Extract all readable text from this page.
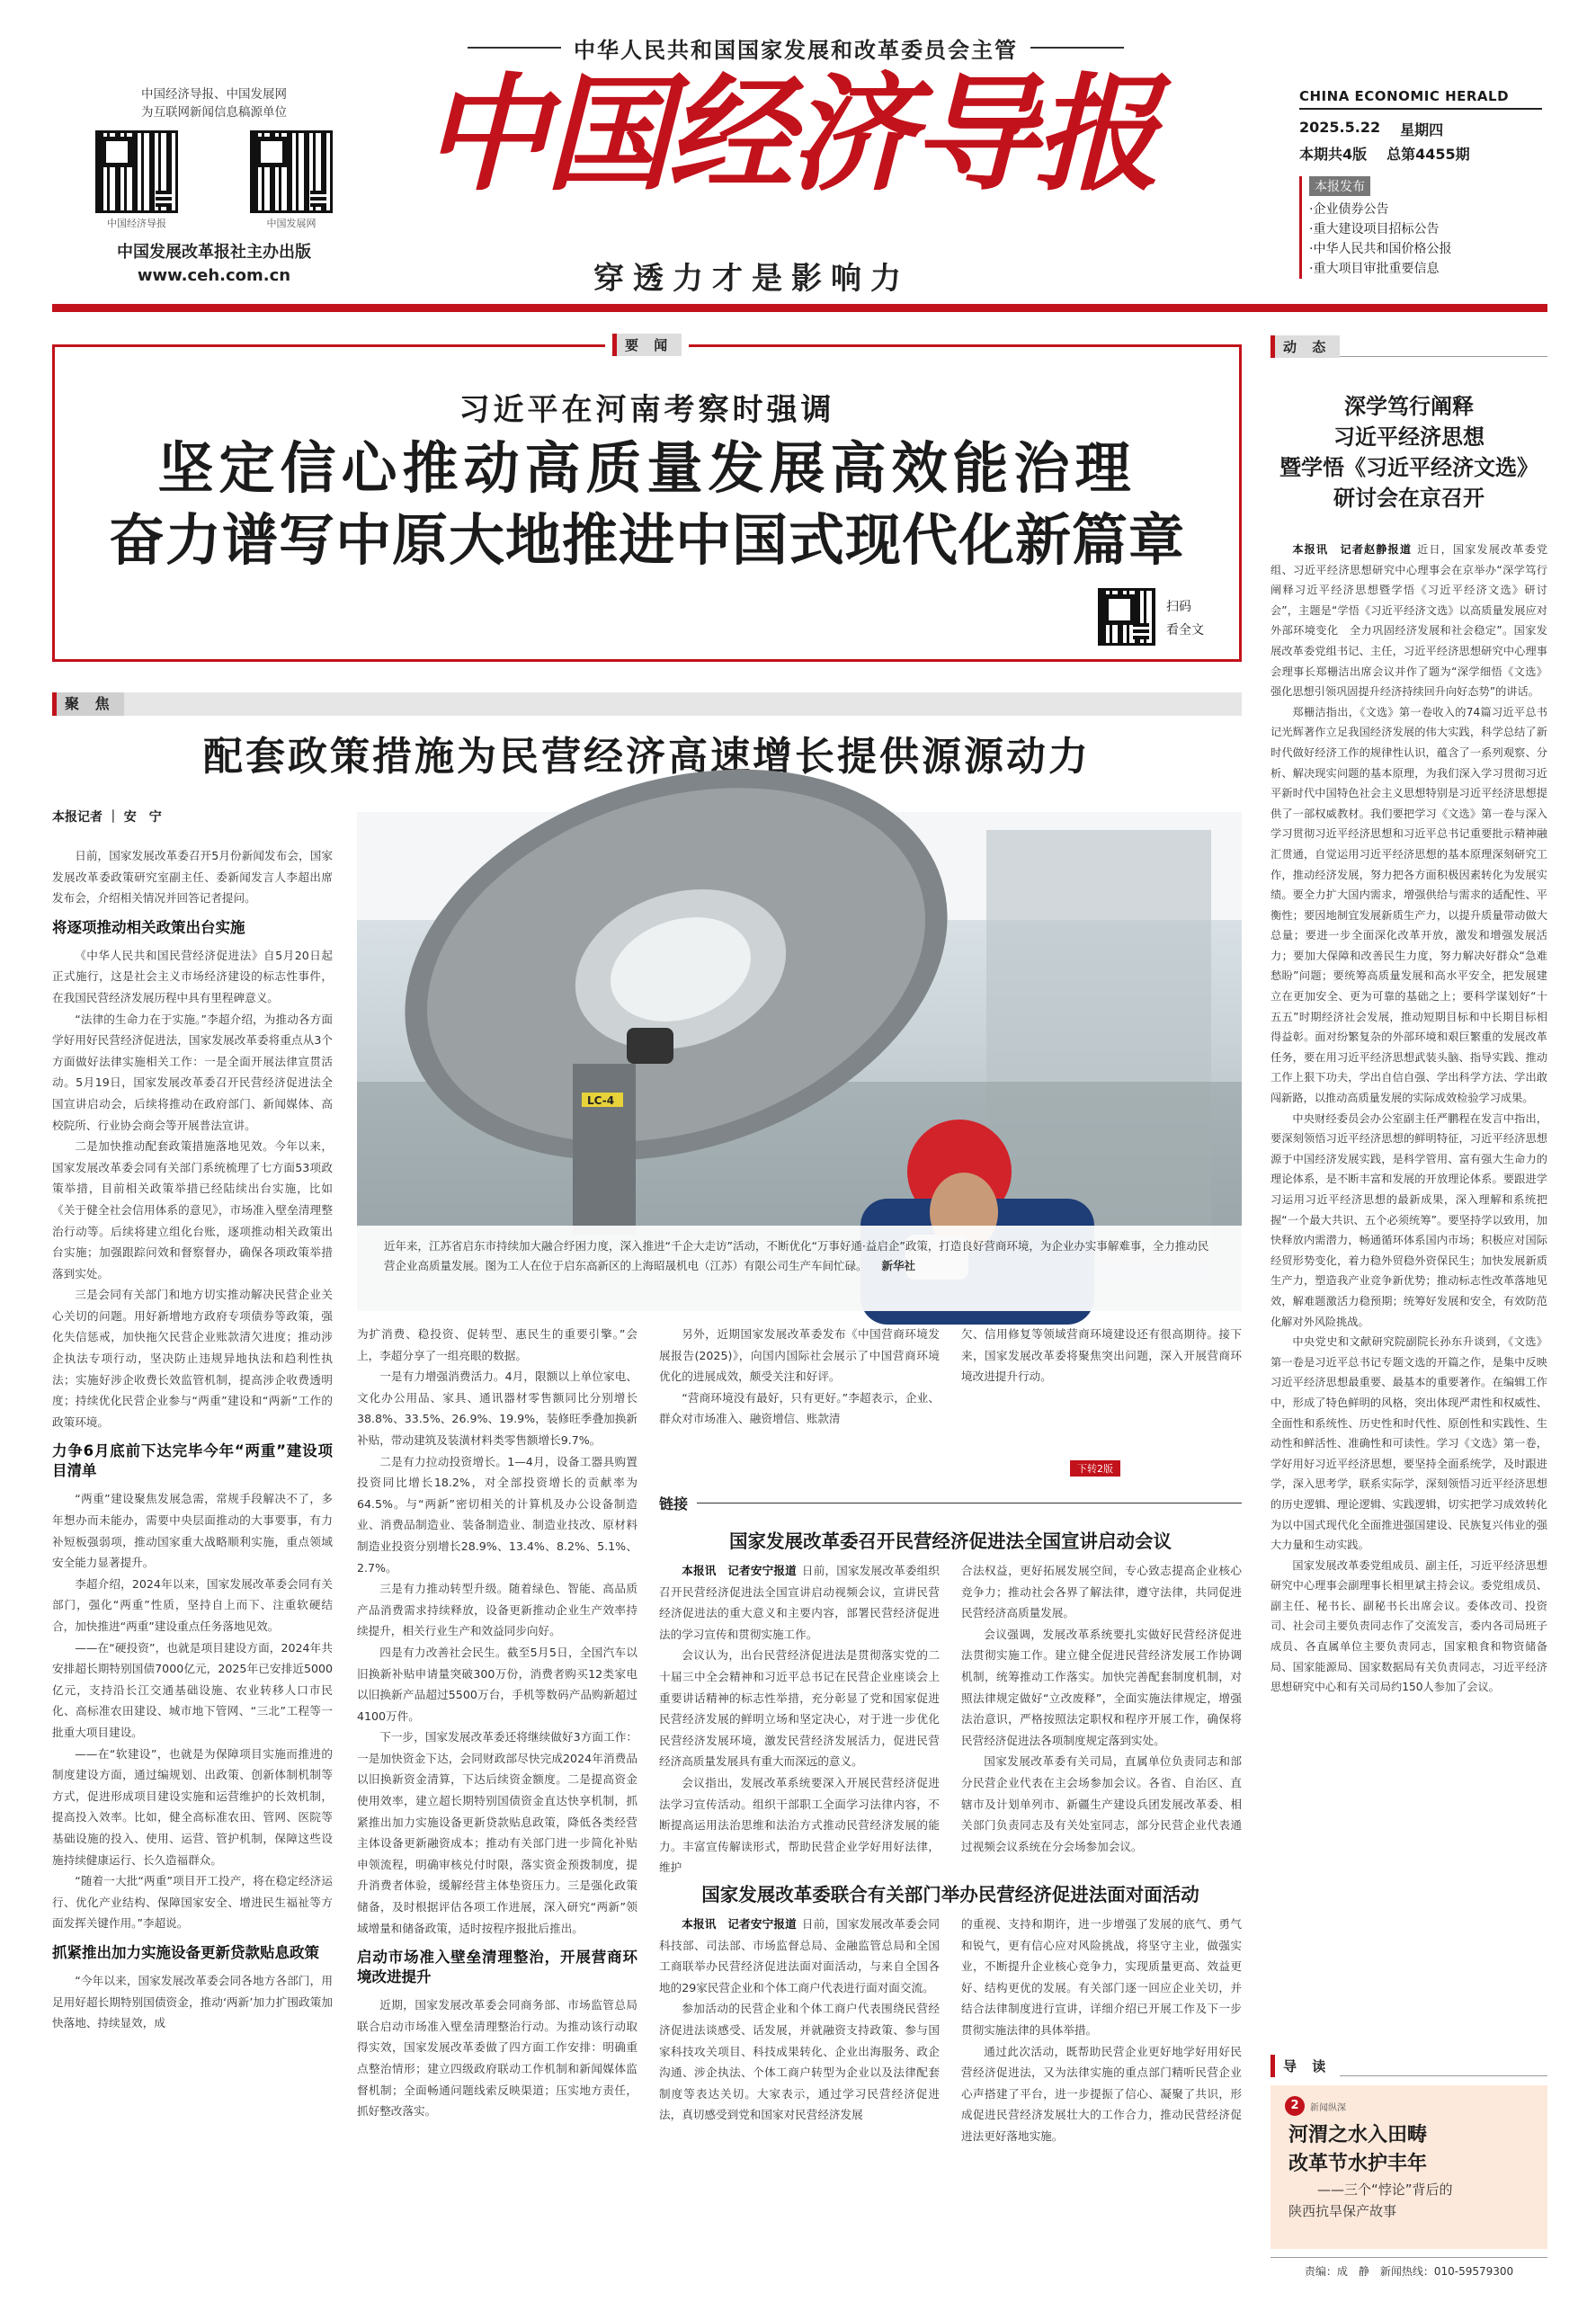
中华人民共和国国家发展和改革委员会主管
中国经济导报
穿透力才是影响力
中国经济导报、中国发展网
为互联网新闻信息稿源单位
中国经济导报	中国发展网
中国发展改革报社主办出版
www.ceh.com.cn
CHINA ECONOMIC HERALD
2025.5.22 星期四
本期共4版 总第4455期
本报发布
·企业债券公告
·重大建设项目招标公告
·中华人民共和国价格公报
·重大项目审批重要信息
要 闻
习近平在河南考察时强调
坚定信心推动高质量发展高效能治理
奋力谱写中原大地推进中国式现代化新篇章
扫码
看全文
聚 焦
配套政策措施为民营经济高速增长提供源源动力
本报记者 ｜ 安　宁

日前，国家发展改革委召开5月份新闻发布会，国家发展改革委政策研究室副主任、委新闻发言人李超出席发布会，介绍相关情况并回答记者提问。

将逐项推动相关政策出台实施

《中华人民共和国民营经济促进法》自5月20日起正式施行，这是社会主义市场经济建设的标志性事件，在我国民营经济发展历程中具有里程碑意义。

“法律的生命力在于实施。”李超介绍，为推动各方面学好用好民营经济促进法，国家发展改革委将重点从3个方面做好法律实施相关工作：一是全面开展法律宣贯活动。5月19日，国家发展改革委召开民营经济促进法全国宣讲启动会，后续将推动在政府部门、新闻媒体、高校院所、行业协会商会等开展普法宣讲。

二是加快推动配套政策措施落地见效。今年以来，国家发展改革委会同有关部门系统梳理了七方面53项政策举措，目前相关政策举措已经陆续出台实施，比如《关于健全社会信用体系的意见》，市场准入壁垒清理整治行动等。后续将建立组化台账，逐项推动相关政策出台实施；加强跟踪问效和督察督办，确保各项政策举措落到实处。

三是会同有关部门和地方切实推动解决民营企业关心关切的问题。用好新增地方政府专项债券等政策，强化失信惩戒，加快拖欠民营企业账款清欠进度；推动涉企执法专项行动，坚决防止违规异地执法和趋利性执法；实施好涉企收费长效监管机制，提高涉企收费透明度；持续优化民营企业参与“两重”建设和“两新”工作的政策环境。

力争6月底前下达完毕今年“两重”建设项目清单

“两重”建设聚焦发展急需，常规手段解决不了，多年想办而未能办，需要中央层面推动的大事要事，有力补短板强弱项，推动国家重大战略顺利实施，重点领域安全能力显著提升。

李超介绍，2024年以来，国家发展改革委会同有关部门，强化“两重”性质，坚持自上而下、注重软硬结合，加快推进“两重”建设重点任务落地见效。

——在“硬投资”，也就是项目建设方面，2024年共安排超长期特别国债7000亿元，2025年已安排近5000亿元，支持沿长江交通基础设施、农业转移人口市民化、高标准农田建设、城市地下管网、“三北”工程等一批重大项目建设。

——在“软建设”，也就是为保障项目实施而推进的制度建设方面，通过编规划、出政策、创新体制机制等方式，促进形成项目建设实施和运营维护的长效机制，提高投入效率。比如，健全高标准农田、管网、医院等基础设施的投入、使用、运营、管护机制，保障这些设施持续健康运行、长久造福群众。

“随着一大批“两重”项目开工投产，将在稳定经济运行、优化产业结构、保障国家安全、增进民生福祉等方面发挥关键作用。”李超说。

抓紧推出加力实施设备更新贷款贴息政策

“今年以来，国家发展改革委会同各地方各部门，用足用好超长期特别国债资金，推动‘两新’加力扩围政策加快落地、持续显效，成

LC-4
近年来，江苏省启东市持续加大融合纾困力度，深入推进“千企大走访”活动，不断优化“万事好通·益启企”政策，打造良好营商环境，为企业办实事解难事，全力推动民营企业高质量发展。图为工人在位于启东高新区的上海昭晟机电（江苏）有限公司生产车间忙碌。 新华社

为扩消费、稳投资、促转型、惠民生的重要引擎。”会上，李超分享了一组亮眼的数据。

一是有力增强消费活力。4月，限额以上单位家电、文化办公用品、家具、通讯器材零售额同比分别增长38.8%、33.5%、26.9%、19.9%，装修旺季叠加换新补贴，带动建筑及装潢材料类零售额增长9.7%。

二是有力拉动投资增长。1—4月，设备工器具购置投资同比增长18.2%，对全部投资增长的贡献率为64.5%。与“两新”密切相关的计算机及办公设备制造业、消费品制造业、装备制造业、制造业技改、原材料制造业投资分别增长28.9%、13.4%、8.2%、5.1%、2.7%。

三是有力推动转型升级。随着绿色、智能、高品质产品消费需求持续释放，设备更新推动企业生产效率持续提升，相关行业生产和效益同步向好。

四是有力改善社会民生。截至5月5日，全国汽车以旧换新补贴申请量突破300万份，消费者购买12类家电以旧换新产品超过5500万台，手机等数码产品购新超过4100万件。

下一步，国家发展改革委还将继续做好3方面工作：一是加快资金下达，会同财政部尽快完成2024年消费品以旧换新资金清算，下达后续资金额度。二是提高资金使用效率，建立超长期特别国债资金直达快享机制，抓紧推出加力实施设备更新贷款贴息政策，降低各类经营主体设备更新融资成本；推动有关部门进一步简化补贴申领流程，明确审核兑付时限，落实资金预拨制度，提升消费者体验，缓解经营主体垫资压力。三是强化政策储备，及时根据评估各项工作进展，深入研究“两新”领域增量和储备政策，适时按程序报批后推出。

启动市场准入壁垒清理整治，开展营商环境改进提升

近期，国家发展改革委会同商务部、市场监管总局联合启动市场准入壁垒清理整治行动。为推动该行动取得实效，国家发展改革委做了四方面工作安排：明确重点整治情形；建立四级政府联动工作机制和新闻媒体监督机制；全面畅通问题线索反映渠道；压实地方责任，抓好整改落实。

另外，近期国家发展改革委发布《中国营商环境发展报告(2025)》，向国内国际社会展示了中国营商环境优化的进展成效，颇受关注和好评。

“营商环境没有最好，只有更好。”李超表示，企业、群众对市场准入、融资增信、账款清

欠、信用修复等领域营商环境建设还有很高期待。接下来，国家发展改革委将聚焦突出问题，深入开展营商环境改进提升行动。

下转2版
链接
国家发展改革委召开民营经济促进法全国宣讲启动会议

本报讯　记者安宁报道 日前，国家发展改革委组织召开民营经济促进法全国宣讲启动视频会议，宣讲民营经济促进法的重大意义和主要内容，部署民营经济促进法的学习宣传和贯彻实施工作。

会议认为，出台民营经济促进法是贯彻落实党的二十届三中全会精神和习近平总书记在民营企业座谈会上重要讲话精神的标志性举措，充分彰显了党和国家促进民营经济发展的鲜明立场和坚定决心，对于进一步优化民营经济发展环境，激发民营经济发展活力，促进民营经济高质量发展具有重大而深远的意义。

会议指出，发展改革系统要深入开展民营经济促进法学习宣传活动。组织干部职工全面学习法律内容，不断提高运用法治思维和法治方式推动民营经济发展的能力。丰富宣传解读形式，帮助民营企业学好用好法律，维护

合法权益，更好拓展发展空间，专心致志提高企业核心竞争力；推动社会各界了解法律，遵守法律，共同促进民营经济高质量发展。

会议强调，发展改革系统要扎实做好民营经济促进法贯彻实施工作。建立健全促进民营经济发展工作协调机制，统筹推动工作落实。加快完善配套制度机制，对照法律规定做好“立改废释”，全面实施法律规定，增强法治意识，严格按照法定职权和程序开展工作，确保将民营经济促进法各项制度规定落到实处。

国家发展改革委有关司局，直属单位负责同志和部分民营企业代表在主会场参加会议。各省、自治区、直辖市及计划单列市、新疆生产建设兵团发展改革委、相关部门负责同志及有关处室同志，部分民营企业代表通过视频会议系统在分会场参加会议。

国家发展改革委联合有关部门举办民营经济促进法面对面活动

本报讯　记者安宁报道 日前，国家发展改革委会同科技部、司法部、市场监督总局、金融监管总局和全国工商联举办民营经济促进法面对面活动，与来自全国各地的29家民营企业和个体工商户代表进行面对面交流。

参加活动的民营企业和个体工商户代表围绕民营经济促进法谈感受、话发展，并就融资支持政策、参与国家科技攻关项目、科技成果转化、企业出海服务、政企沟通、涉企执法、个体工商户转型为企业以及法律配套制度等表达关切。大家表示，通过学习民营经济促进法，真切感受到党和国家对民营经济发展

的重视、支持和期许，进一步增强了发展的底气、勇气和锐气，更有信心应对风险挑战，将坚守主业，做强实业，不断提升企业核心竞争力，实现质量更高、效益更好、结构更优的发展。有关部门逐一回应企业关切，并结合法律制度进行宣讲，详细介绍已开展工作及下一步贯彻实施法律的具体举措。

通过此次活动，既帮助民营企业更好地学好用好民营经济促进法，又为法律实施的重点部门精听民营企业心声搭建了平台，进一步提振了信心、凝聚了共识，形成促进民营经济发展壮大的工作合力，推动民营经济促进法更好落地实施。

动 态
深学笃行阐释
习近平经济思想
暨学悟《习近平经济文选》
研讨会在京召开

本报讯　记者赵静报道 近日，国家发展改革委党组、习近平经济思想研究中心理事会在京举办“深学笃行阐释习近平经济思想暨学悟《习近平经济文选》研讨会”，主题是“学悟《习近平经济文选》以高质量发展应对外部环境变化　全力巩固经济发展和社会稳定”。国家发展改革委党组书记、主任，习近平经济思想研究中心理事会理事长郑栅洁出席会议并作了题为“深学细悟《文选》强化思想引领巩固提升经济持续回升向好态势”的讲话。

郑栅洁指出，《文选》第一卷收入的74篇习近平总书记光辉著作立足我国经济发展的伟大实践，科学总结了新时代做好经济工作的规律性认识，蕴含了一系列观察、分析、解决现实问题的基本原理，为我们深入学习贯彻习近平新时代中国特色社会主义思想特别是习近平经济思想提供了一部权威教材。我们要把学习《文选》第一卷与深入学习贯彻习近平经济思想和习近平总书记重要批示精神融汇贯通，自觉运用习近平经济思想的基本原理深刻研究工作，推动经济发展，努力把各方面积极因素转化为发展实绩。要全力扩大国内需求，增强供给与需求的适配性、平衡性；要因地制宜发展新质生产力，以提升质量带动做大总量；要进一步全面深化改革开放，激发和增强发展活力；要加大保障和改善民生力度，努力解决好群众“急难愁盼”问题；要统筹高质量发展和高水平安全，把发展建立在更加安全、更为可靠的基础之上；要科学谋划好“十五五”时期经济社会发展，推动短期目标和中长期目标相得益彰。面对纷繁复杂的外部环境和艰巨繁重的发展改革任务，要在用习近平经济思想武装头脑、指导实践、推动工作上狠下功夫，学出自信自强、学出科学方法、学出敢闯新路，以推动高质量发展的实际成效检验学习成果。

中央财经委员会办公室副主任严鹏程在发言中指出，要深刻领悟习近平经济思想的鲜明特征，习近平经济思想源于中国经济发展实践，是科学管用、富有强大生命力的理论体系，是不断丰富和发展的开放理论体系。要跟进学习运用习近平经济思想的最新成果，深入理解和系统把握“一个最大共识、五个必须统筹”。要坚持学以致用，加快释放内需潜力，畅通循环体系国内市场；积极应对国际经贸形势变化，着力稳外贸稳外资保民生；加快发展新质生产力，塑造我产业竞争新优势；推动标志性改革落地见效，解难题激活力稳预期；统筹好发展和安全，有效防范化解对外风险挑战。

中央党史和文献研究院副院长孙东升谈到，《文选》第一卷是习近平总书记专题文选的开篇之作，是集中反映习近平经济思想最重要、最基本的重要著作。在编辑工作中，形成了特色鲜明的风格，突出体现严肃性和权威性、全面性和系统性、历史性和时代性、原创性和实践性、生动性和鲜活性、准确性和可读性。学习《文选》第一卷，学好用好习近平经济思想，要坚持全面系统学，及时跟进学，深入思考学，联系实际学，深刻领悟习近平经济思想的历史逻辑、理论逻辑、实践逻辑，切实把学习成效转化为以中国式现代化全面推进强国建设、民族复兴伟业的强大力量和生动实践。

国家发展改革委党组成员、副主任，习近平经济思想研究中心理事会副理事长相里斌主持会议。委党组成员、副主任、秘书长、副秘书长出席会议。委体改司、投资司、社会司主要负责同志作了交流发言，委内各司局班子成员、各直属单位主要负责同志，国家粮食和物资储备局、国家能源局、国家数据局有关负责同志，习近平经济思想研究中心和有关司局约150人参加了会议。

导 读
2	新闻纵深
河渭之水入田畴
改革节水护丰年
——三个“悖论”背后的
陕西抗旱保产故事
责编：成　静　新闻热线：010-59579300
